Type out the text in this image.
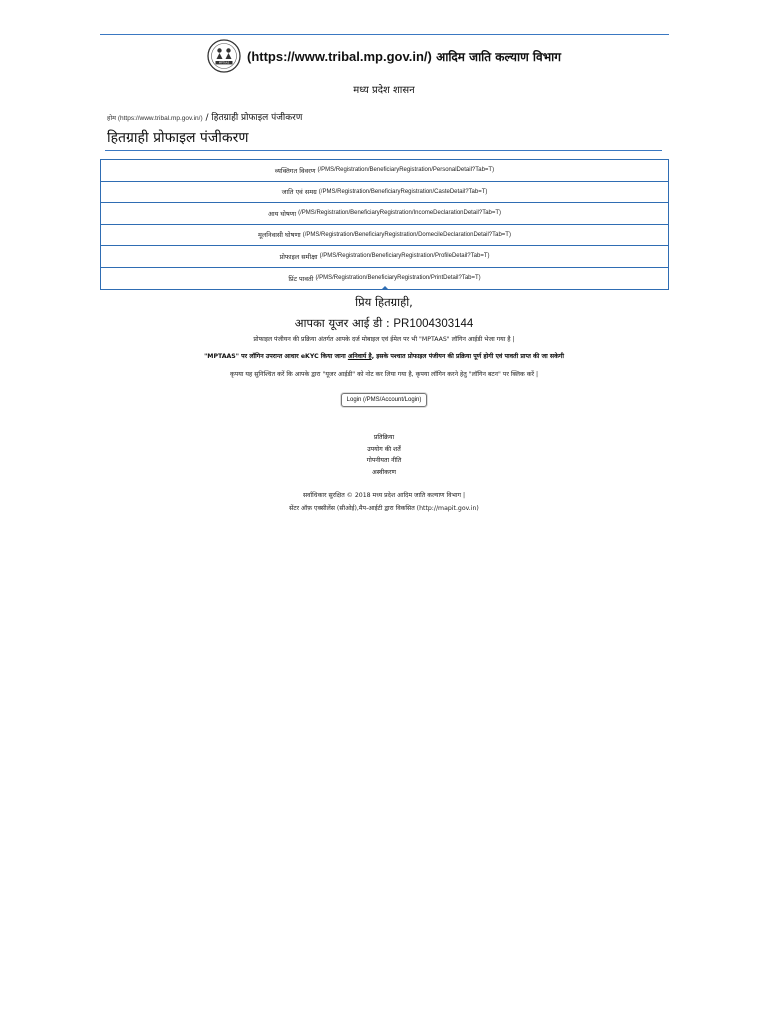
MPTAAS (https://www.tribal.mp.gov.in/) आदिम जाति कल्याण विभाग
मध्य प्रदेश शासन
होम (https://www.tribal.mp.gov.in/) / हितग्राही प्रोफाइल पंजीकरण
हितग्राही प्रोफाइल पंजीकरण
व्यक्तिगत विवरण (/PMS/Registration/BeneficiaryRegistration/PersonalDetail?Tab=T)
जाति एवं समग्र (/PMS/Registration/BeneficiaryRegistration/CasteDetail?Tab=T)
आय घोषणा (/PMS/Registration/BeneficiaryRegistration/IncomeDeclarationDetail?Tab=T)
मूलनिवासी घोषणा (/PMS/Registration/BeneficiaryRegistration/DomecileDeclarationDetail?Tab=T)
प्रोफाइल समीक्षा (/PMS/Registration/BeneficiaryRegistration/ProfileDetail?Tab=T)
प्रिंट पावती (/PMS/Registration/BeneficiaryRegistration/PrintDetail?Tab=T)
प्रिय हितग्राही,
आपका यूजर आई डी : PR1004303144
प्रोफाइल पंजीयन की प्रक्रिया अंतर्गत आपके दर्ज मोबाइल एवं ईमेल पर भी "MPTAAS" लॉगिन आईडी भेजा गया है |
"MPTAAS" पर लॉगिन उपरान्त आधार eKYC किया जाना अनिवार्य है, इसके पश्चात प्रोफाइल पंजीयन की प्रक्रिया पूर्ण होगी एवं पावती प्राप्त की जा सकेगी
कृपया यह सुनिश्चित करें कि आपके द्वारा "यूजर आईडी" को नोट कर लिया गया है, कृपया लॉगिन करने हेतु "लॉगिन बटन" पर क्लिक करें |
Login (/PMS/Account/Login)
प्रतिक्रिया
उपयोग की शर्तें
गोपनीयता नीति
अस्वीकरण
सर्वाधिकार सुरक्षित © 2018 मध्य प्रदेश आदिम जाति कल्याण विभाग |
सेंटर ऑफ़ एक्सीलेंस (सीओई),मैप-आईटी द्वारा विकसित (http://mapit.gov.in)
